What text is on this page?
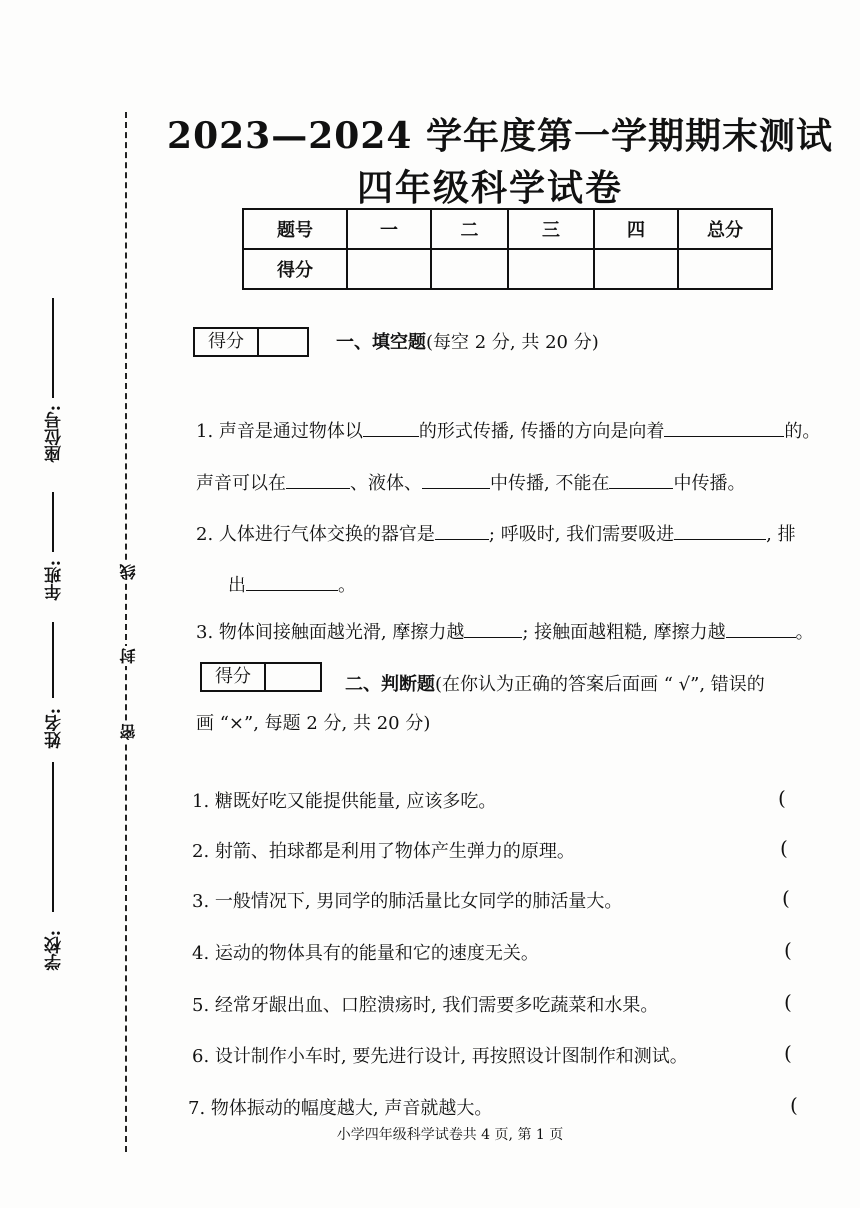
线
封
密
座位号:
年班:
姓名:
学校:
2023—2024 学年度第一学期期末测试
四年级科学试卷
题号	一	二	三	四	总分
得分					
得分	一、填空题(每空 2 分, 共 20 分)
1. 声音是通过物体以	的形式传播, 传播的方向是向着	的。
声音可以在	、液体、	中传播, 不能在	中传播。
2. 人体进行气体交换的器官是	; 呼吸时, 我们需要吸进	, 排
出	。
3. 物体间接触面越光滑, 摩擦力越	; 接触面越粗糙, 摩擦力越	。
得分	二、判断题(在你认为正确的答案后面画 “ √”, 错误的
画 “×”, 每题 2 分, 共 20 分)
1. 糖既好吃又能提供能量, 应该多吃。	(
2. 射箭、拍球都是利用了物体产生弹力的原理。	(
3. 一般情况下, 男同学的肺活量比女同学的肺活量大。	(
4. 运动的物体具有的能量和它的速度无关。	(
5. 经常牙龈出血、口腔溃疡时, 我们需要多吃蔬菜和水果。	(
6. 设计制作小车时, 要先进行设计, 再按照设计图制作和测试。	(
7. 物体振动的幅度越大, 声音就越大。	(
小学四年级科学试卷共 4 页, 第 1 页
